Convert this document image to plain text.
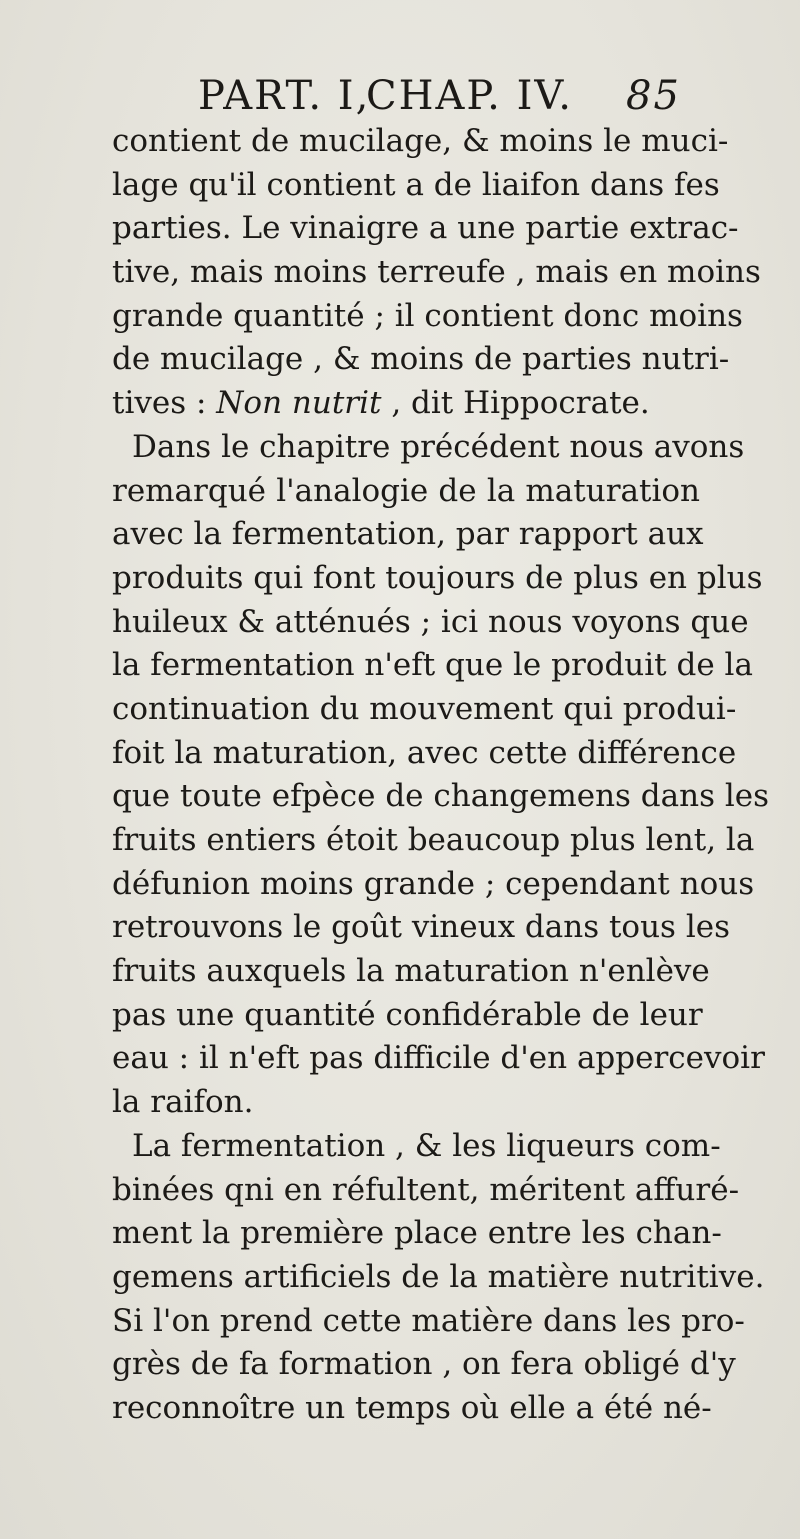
PART. I,
CHAP. IV. 85
contient de mucilage, & moins le muci-
lage qu'il contient a de liaifon dans fes
parties. Le vinaigre a une partie extrac-
tive, mais moins terreufe , mais en moins
grande quantité ; il contient donc moins
de mucilage , & moins de parties nutri-
tives : Non nutrit , dit Hippocrate.
Dans le chapitre précédent nous avons
remarqué l'analogie de la maturation
avec la fermentation, par rapport aux
produits qui font toujours de plus en plus
huileux & atténués ; ici nous voyons que
la fermentation n'eft que le produit de la
continuation du mouvement qui produi-
foit la maturation, avec cette différence
que toute efpèce de changemens dans les
fruits entiers étoit beaucoup plus lent, la
défunion moins grande ; cependant nous
retrouvons le goût vineux dans tous les
fruits auxquels la maturation n'enlève
pas une quantité confidérable de leur
eau : il n'eft pas difficile d'en appercevoir
la raifon.
La fermentation , & les liqueurs com-
binées qni en réfultent, méritent affuré-
ment la première place entre les chan-
gemens artificiels de la matière nutritive.
Si l'on prend cette matière dans les pro-
grès de fa formation , on fera obligé d'y
reconnoître un temps où elle a été né-
